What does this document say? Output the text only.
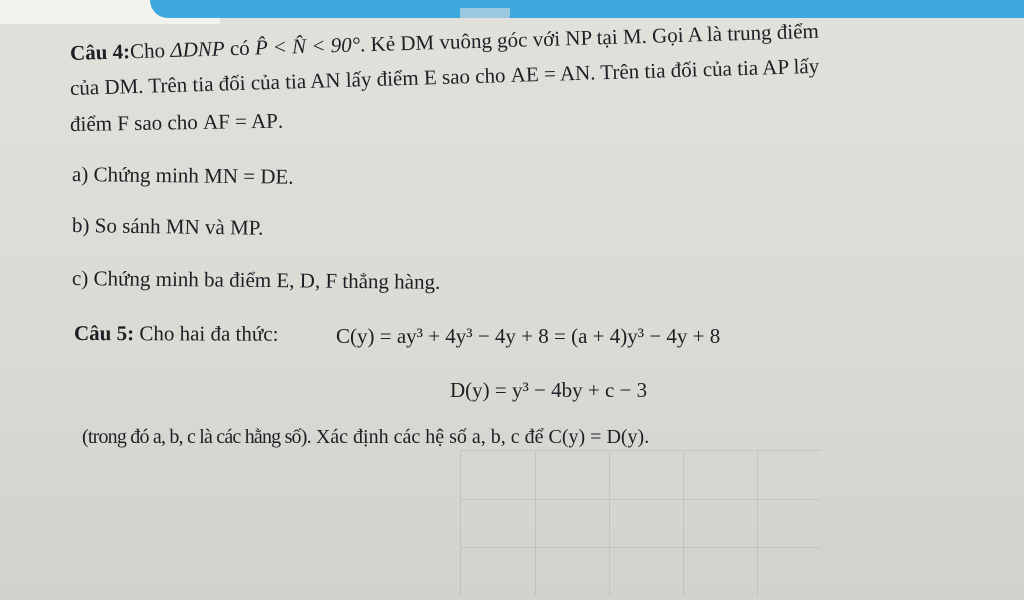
Câu 4:Cho ΔDNP có P̂ < N̂ < 90°. Kẻ DM vuông góc với NP tại M. Gọi A là trung điểm
của DM. Trên tia đối của tia AN lấy điểm E sao cho AE = AN. Trên tia đối của tia AP lấy
điểm F sao cho AF = AP.
a) Chứng minh MN = DE.
b) So sánh MN và MP.
c) Chứng minh ba điểm E, D, F thẳng hàng.
Câu 5: Cho hai đa thức:	C(y) = ay³ + 4y³ − 4y + 8 = (a + 4)y³ − 4y + 8
D(y) = y³ − 4by + c − 3
(trong đó a, b, c là các hằng số). Xác định các hệ số a, b, c để C(y) = D(y).
